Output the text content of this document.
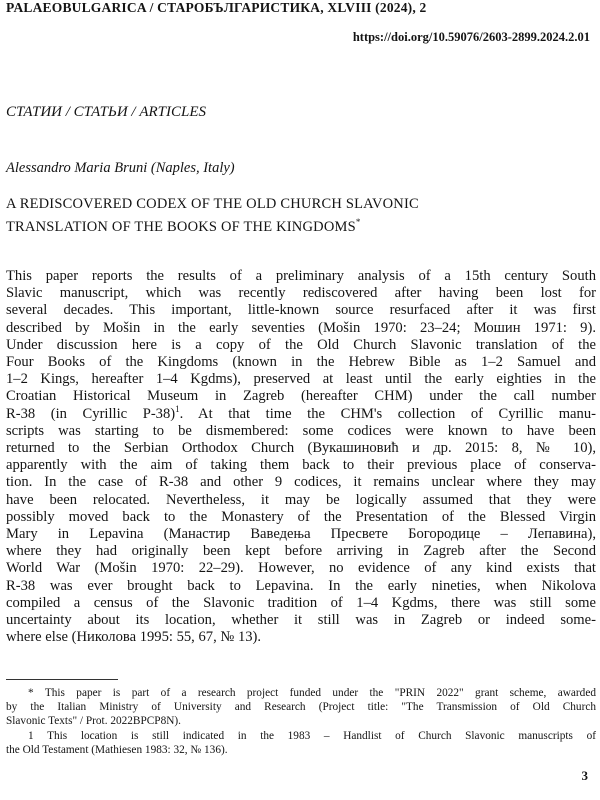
PALAEOBULGARICA / СТАРОБЪЛГАРИСТИКА, XLVIII (2024), 2
https://doi.org/10.59076/2603-2899.2024.2.01
СТАТИИ / СТАТЬИ / ARTICLES
Alessandro Maria Bruni (Naples, Italy)
A REDISCOVERED CODEX OF THE OLD CHURCH SLAVONIC
TRANSLATION OF THE BOOKS OF THE KINGDOMS*
This paper reports the results of a preliminary analysis of a 15th century South
Slavic manuscript, which was recently rediscovered after having been lost for
several decades. This important, little-known source resurfaced after it was first
described by Mošin in the early seventies (Mošin 1970: 23–24; Мошин 1971: 9).
Under discussion here is a copy of the Old Church Slavonic translation of the
Four Books of the Kingdoms (known in the Hebrew Bible as 1–2 Samuel and
1–2 Kings, hereafter 1–4 Kgdms), preserved at least until the early eighties in the
Croatian Historical Museum in Zagreb (hereafter CHM) under the call number
R-38 (in Cyrillic Р-38)$^1$. At that time the CHM's collection of Cyrillic manu-
scripts was starting to be dismembered: some codices were known to have been
returned to the Serbian Orthodox Church (Вукашиновић и др. 2015: 8, № 10),
apparently with the aim of taking them back to their previous place of conserva-
tion. In the case of R-38 and other 9 codices, it remains unclear where they may
have been relocated. Nevertheless, it may be logically assumed that they were
possibly moved back to the Monastery of the Presentation of the Blessed Virgin
Mary in Lepavina (Манастир Ваведења Пресвете Богородице – Лепавина),
where they had originally been kept before arriving in Zagreb after the Second
World War (Mošin 1970: 22–29). However, no evidence of any kind exists that
R-38 was ever brought back to Lepavina. In the early nineties, when Nikolova
compiled a census of the Slavonic tradition of 1–4 Kgdms, there was still some
uncertainty about its location, whether it still was in Zagreb or indeed some-
where else (Николова 1995: 55, 67, № 13).
* This paper is part of a research project funded under the "PRIN 2022" grant scheme, awarded
by the Italian Ministry of University and Research (Project title: "The Transmission of Old Church
Slavonic Texts" / Prot. 2022BPCP8N).
1 This location is still indicated in the 1983 – Handlist of Church Slavonic manuscripts of
the Old Testament (Mathiesen 1983: 32, № 136).
3
